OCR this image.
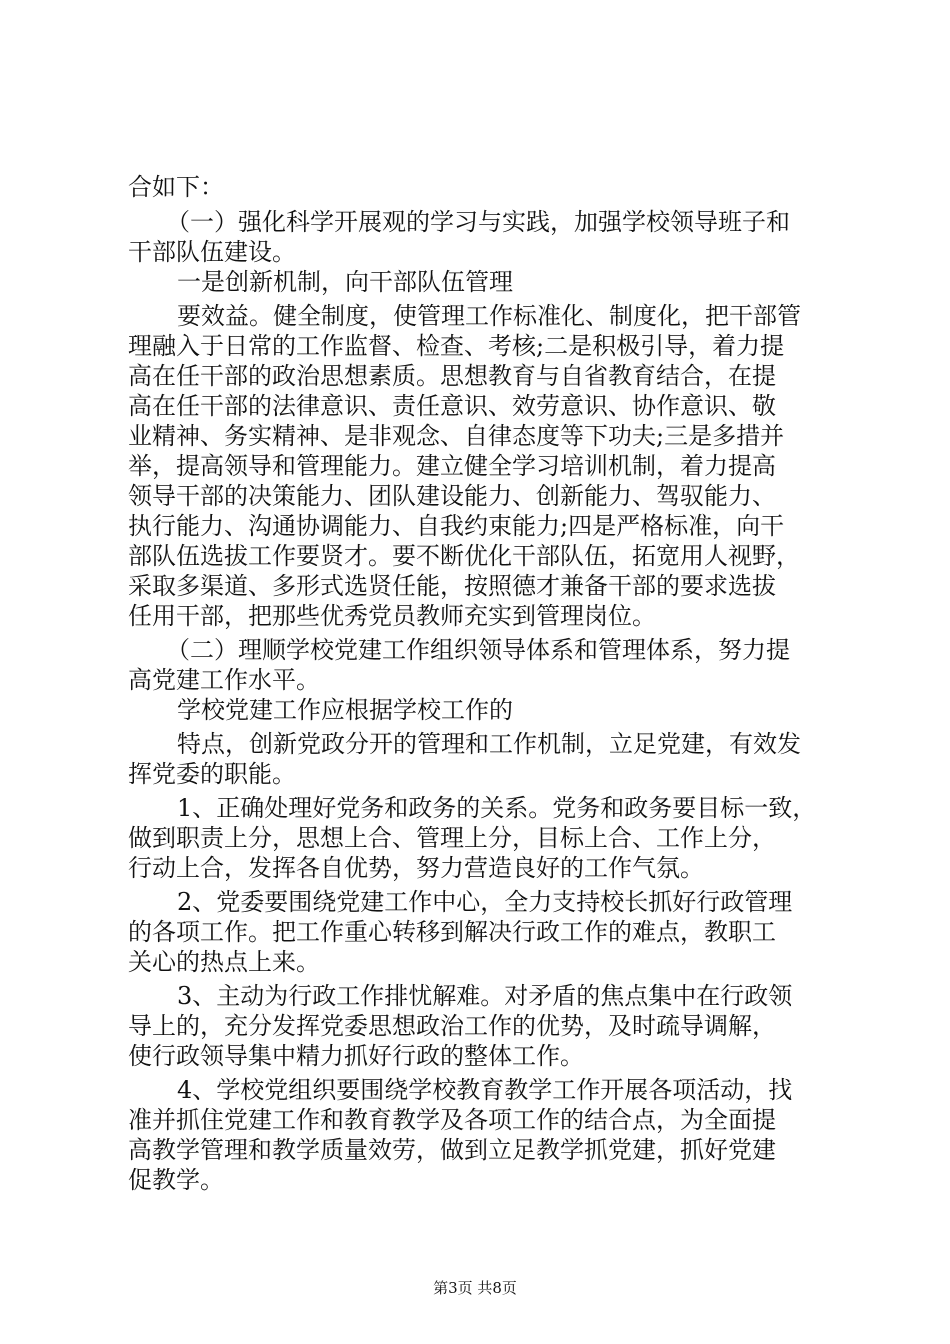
合如下：
（一）强化科学开展观的学习与实践，加强学校领导班子和
干部队伍建设。
一是创新机制，向干部队伍管理
要效益。健全制度，使管理工作标准化、制度化，把干部管
理融入于日常的工作监督、检查、考核;二是积极引导，着力提
高在任干部的政治思想素质。思想教育与自省教育结合，在提
高在任干部的法律意识、责任意识、效劳意识、协作意识、敬
业精神、务实精神、是非观念、自律态度等下功夫;三是多措并
举，提高领导和管理能力。建立健全学习培训机制，着力提高
领导干部的决策能力、团队建设能力、创新能力、驾驭能力、
执行能力、沟通协调能力、自我约束能力;四是严格标准，向干
部队伍选拔工作要贤才。要不断优化干部队伍，拓宽用人视野，
采取多渠道、多形式选贤任能，按照德才兼备干部的要求选拔
任用干部，把那些优秀党员教师充实到管理岗位。
（二）理顺学校党建工作组织领导体系和管理体系，努力提
高党建工作水平。
学校党建工作应根据学校工作的
特点，创新党政分开的管理和工作机制，立足党建，有效发
挥党委的职能。
1、正确处理好党务和政务的关系。党务和政务要目标一致，
做到职责上分，思想上合、管理上分，目标上合、工作上分，
行动上合，发挥各自优势，努力营造良好的工作气氛。
2、党委要围绕党建工作中心，全力支持校长抓好行政管理
的各项工作。把工作重心转移到解决行政工作的难点，教职工
关心的热点上来。
3、主动为行政工作排忧解难。对矛盾的焦点集中在行政领
导上的，充分发挥党委思想政治工作的优势，及时疏导调解，
使行政领导集中精力抓好行政的整体工作。
4、学校党组织要围绕学校教育教学工作开展各项活动，找
准并抓住党建工作和教育教学及各项工作的结合点，为全面提
高教学管理和教学质量效劳，做到立足教学抓党建，抓好党建
促教学。
第3页 共8页
